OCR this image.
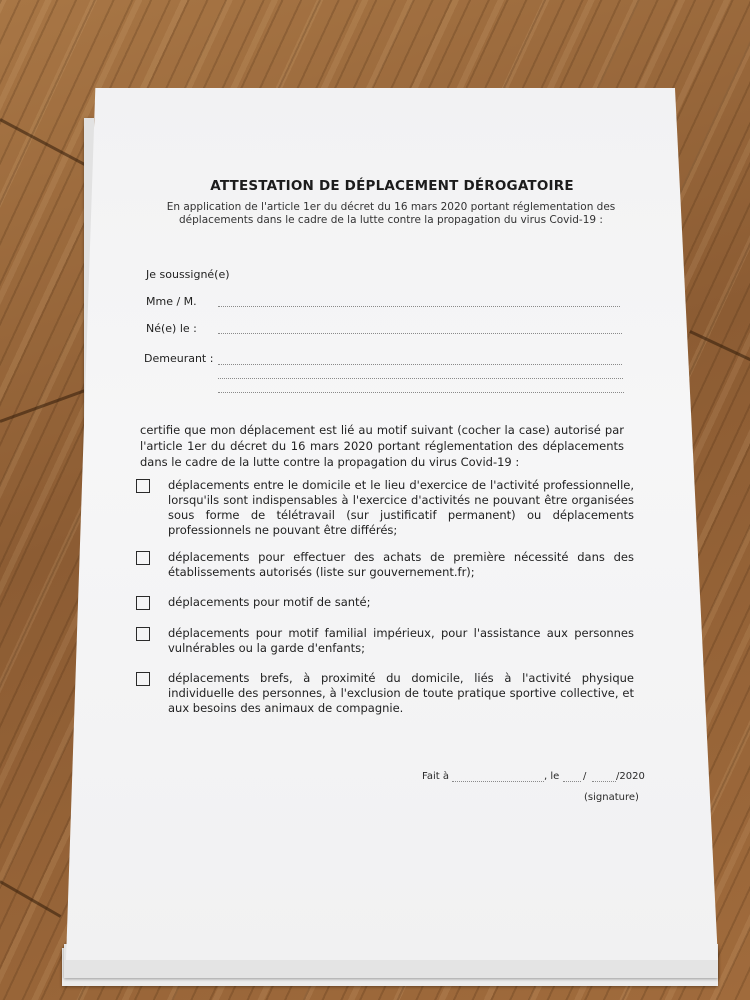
ATTESTATION DE DÉPLACEMENT DÉROGATOIRE
En application de l'article 1er du décret du 16 mars 2020 portant réglementation des
déplacements dans le cadre de la lutte contre la propagation du virus Covid-19 :
Je soussigné(e)
Mme / M.
Né(e) le :
Demeurant :
certifie que mon déplacement est lié au motif suivant (cocher la case) autorisé par l'article 1er du décret du 16 mars 2020 portant réglementation des déplacements dans le cadre de la lutte contre la propagation du virus Covid-19 :
déplacements entre le domicile et le lieu d'exercice de l'activité professionnelle, lorsqu'ils sont indispensables à l'exercice d'activités ne pouvant être organisées sous forme de télétravail (sur justificatif permanent) ou déplacements professionnels ne pouvant être différés;
déplacements pour effectuer des achats de première nécessité dans des établissements autorisés (liste sur gouvernement.fr);
déplacements pour motif de santé;
déplacements pour motif familial impérieux, pour l'assistance aux personnes vulnérables ou la garde d'enfants;
déplacements brefs, à proximité du domicile, liés à l'activité physique individuelle des personnes, à l'exclusion de toute pratique sportive collective, et aux besoins des animaux de compagnie.
Fait à	, le /	/2020
(signature)
